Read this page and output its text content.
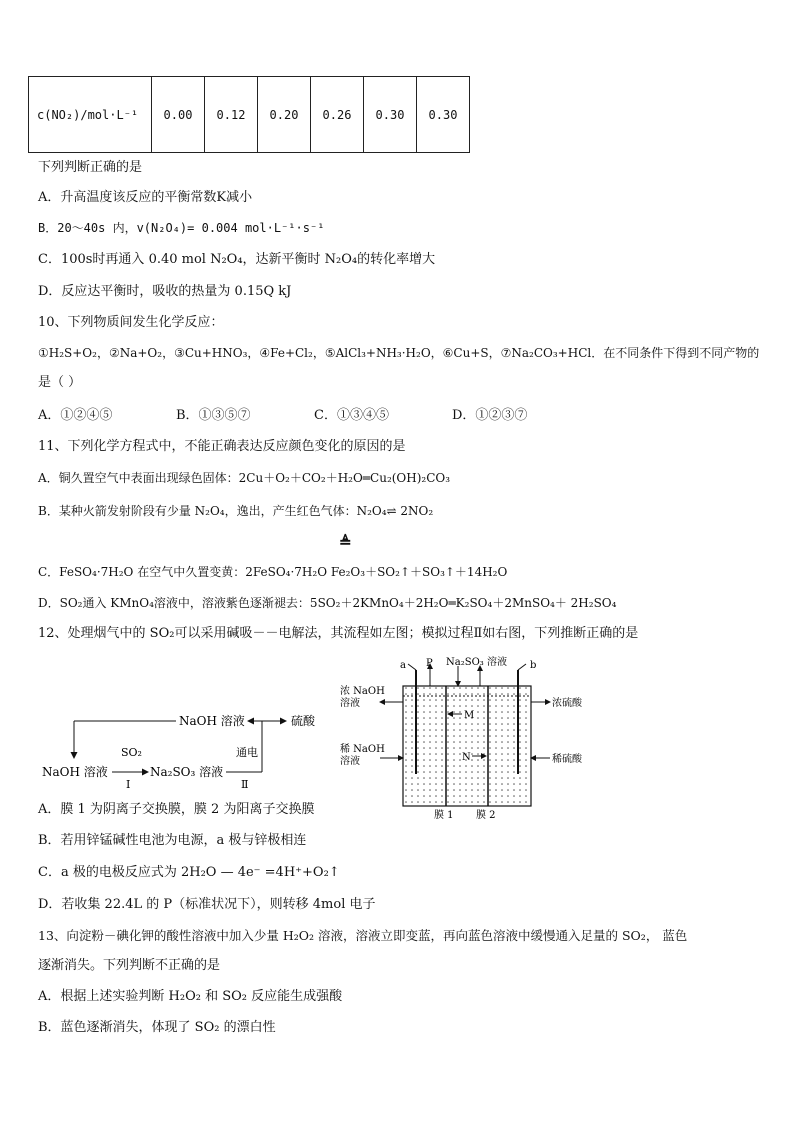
c(NO₂)/mol·L⁻¹	0.00	0.12	0.20	0.26	0.30	0.30
下列判断正确的是
A．升高温度该反应的平衡常数K减小
B．20～40s 内，v(N₂O₄)= 0.004 mol·L⁻¹·s⁻¹
C．100s时再通入 0.40 mol N₂O₄，达新平衡时 N₂O₄的转化率增大
D．反应达平衡时，吸收的热量为 0.15Q kJ
10、下列物质间发生化学反应：
①H₂S+O₂，②Na+O₂，③Cu+HNO₃，④Fe+Cl₂，⑤AlCl₃+NH₃·H₂O，⑥Cu+S，⑦Na₂CO₃+HCl．在不同条件下得到不同产物的
是（ ）
A．①②④⑤	B．①③⑤⑦	C．①③④⑤	D．①②③⑦
11、下列化学方程式中，不能正确表达反应颜色变化的原因的是
A．铜久置空气中表面出现绿色固体：2Cu＋O₂＋CO₂＋H₂O═Cu₂(OH)₂CO₃
B．某种火箭发射阶段有少量 N₂O₄，逸出，产生红色气体：N₂O₄⇌ 2NO₂
≜
C．FeSO₄·7H₂O 在空气中久置变黄：2FeSO₄·7H₂O Fe₂O₃＋SO₂↑＋SO₃↑＋14H₂O
D．SO₂通入 KMnO₄溶液中，溶液紫色逐渐褪去：5SO₂＋2KMnO₄＋2H₂O═K₂SO₄＋2MnSO₄＋ 2H₂SO₄
12、处理烟气中的 SO₂可以采用碱吸－－电解法，其流程如左图；模拟过程Ⅱ如右图，下列推断正确的是
NaOH 溶液	硫酸
NaOH 溶液
SO₂
Ⅰ
Na₂SO₃ 溶液
通电
Ⅱ
a	b
P Na₂SO₃ 溶液
浓 NaOH
溶液
稀 NaOH
溶液
浓硫酸
稀硫酸
M
N
膜 1 膜 2
A．膜 1 为阴离子交换膜，膜 2 为阳离子交换膜
B．若用锌锰碱性电池为电源，a 极与锌极相连
C．a 极的电极反应式为 2H₂O — 4e⁻ =4H⁺+O₂↑
D．若收集 22.4L 的 P（标准状况下），则转移 4mol 电子
13、向淀粉－碘化钾的酸性溶液中加入少量 H₂O₂ 溶液，溶液立即变蓝，再向蓝色溶液中缓慢通入足量的 SO₂， 蓝色
逐渐消失。下列判断不正确的是
A．根据上述实验判断 H₂O₂ 和 SO₂ 反应能生成强酸
B．蓝色逐渐消失，体现了 SO₂ 的漂白性
